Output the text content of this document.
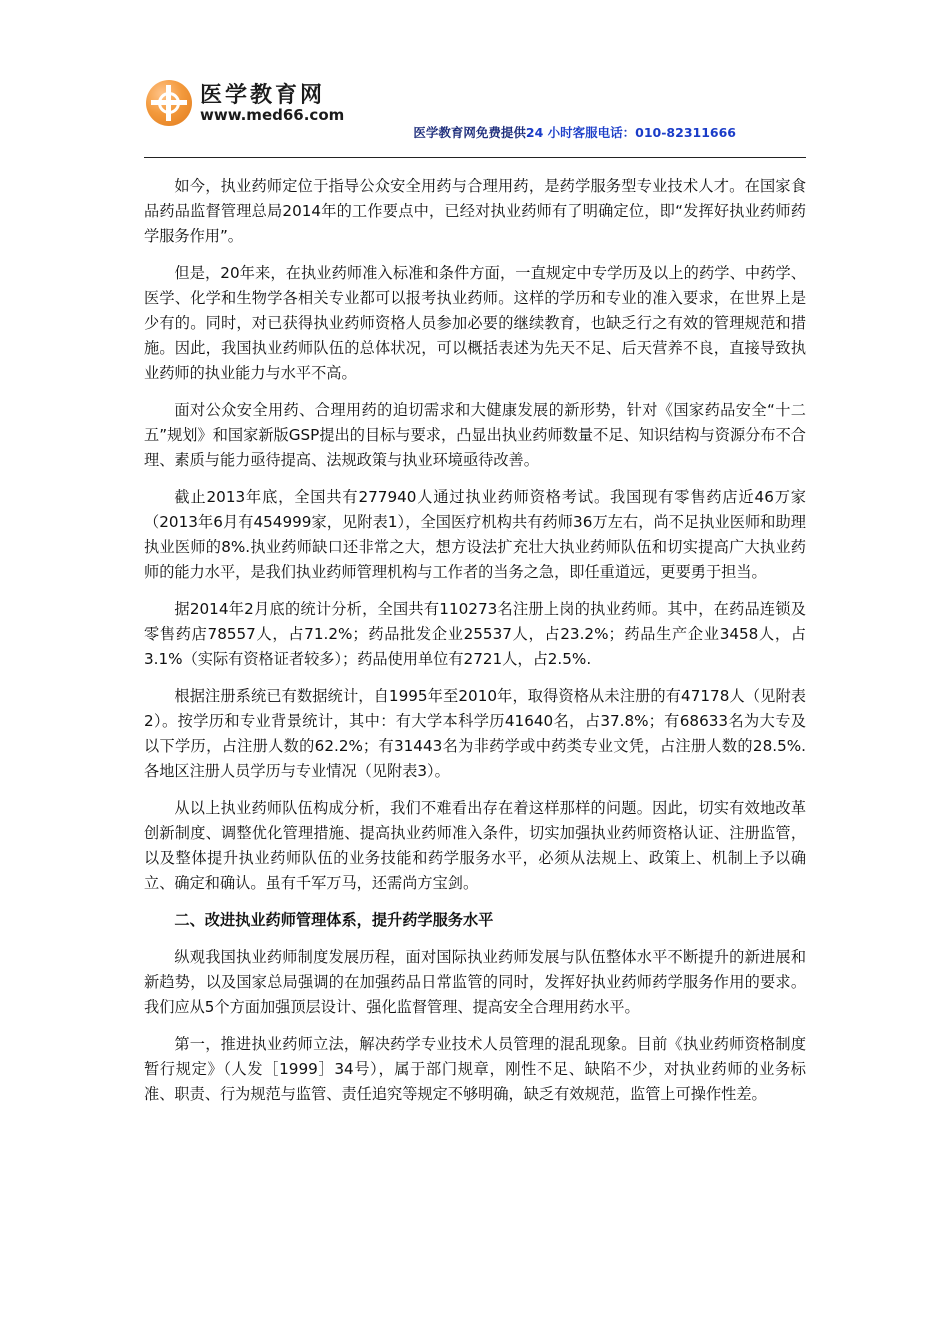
医学教育网
www.med66.com
医学教育网免费提供24 小时客服电话：010-82311666

如今，执业药师定位于指导公众安全用药与合理用药，是药学服务型专业技术人才。在国家食品药品监督管理总局2014年的工作要点中，已经对执业药师有了明确定位，即“发挥好执业药师药学服务作用”。

但是，20年来，在执业药师准入标准和条件方面，一直规定中专学历及以上的药学、中药学、医学、化学和生物学各相关专业都可以报考执业药师。这样的学历和专业的准入要求，在世界上是少有的。同时，对已获得执业药师资格人员参加必要的继续教育，也缺乏行之有效的管理规范和措施。因此，我国执业药师队伍的总体状况，可以概括表述为先天不足、后天营养不良，直接导致执业药师的执业能力与水平不高。

面对公众安全用药、合理用药的迫切需求和大健康发展的新形势，针对《国家药品安全“十二五”规划》和国家新版GSP提出的目标与要求，凸显出执业药师数量不足、知识结构与资源分布不合理、素质与能力亟待提高、法规政策与执业环境亟待改善。

截止2013年底，全国共有277940人通过执业药师资格考试。我国现有零售药店近46万家（2013年6月有454999家，见附表1），全国医疗机构共有药师36万左右，尚不足执业医师和助理执业医师的8%.执业药师缺口还非常之大，想方设法扩充壮大执业药师队伍和切实提高广大执业药师的能力水平，是我们执业药师管理机构与工作者的当务之急，即任重道远，更要勇于担当。

据2014年2月底的统计分析，全国共有110273名注册上岗的执业药师。其中，在药品连锁及零售药店78557人，占71.2%；药品批发企业25537人，占23.2%；药品生产企业3458人，占3.1%（实际有资格证者较多）；药品使用单位有2721人，占2.5%.

根据注册系统已有数据统计，自1995年至2010年，取得资格从未注册的有47178人（见附表2）。按学历和专业背景统计，其中：有大学本科学历41640名，占37.8%；有68633名为大专及以下学历，占注册人数的62.2%；有31443名为非药学或中药类专业文凭，占注册人数的28.5%.各地区注册人员学历与专业情况（见附表3）。

从以上执业药师队伍构成分析，我们不难看出存在着这样那样的问题。因此，切实有效地改革创新制度、调整优化管理措施、提高执业药师准入条件，切实加强执业药师资格认证、注册监管，以及整体提升执业药师队伍的业务技能和药学服务水平，必须从法规上、政策上、机制上予以确立、确定和确认。虽有千军万马，还需尚方宝剑。

二、改进执业药师管理体系，提升药学服务水平

纵观我国执业药师制度发展历程，面对国际执业药师发展与队伍整体水平不断提升的新进展和新趋势，以及国家总局强调的在加强药品日常监管的同时，发挥好执业药师药学服务作用的要求。我们应从5个方面加强顶层设计、强化监督管理、提高安全合理用药水平。

第一，推进执业药师立法，解决药学专业技术人员管理的混乱现象。目前《执业药师资格制度暂行规定》（人发［1999］34号），属于部门规章，刚性不足、缺陷不少，对执业药师的业务标准、职责、行为规范与监管、责任追究等规定不够明确，缺乏有效规范，监管上可操作性差。
